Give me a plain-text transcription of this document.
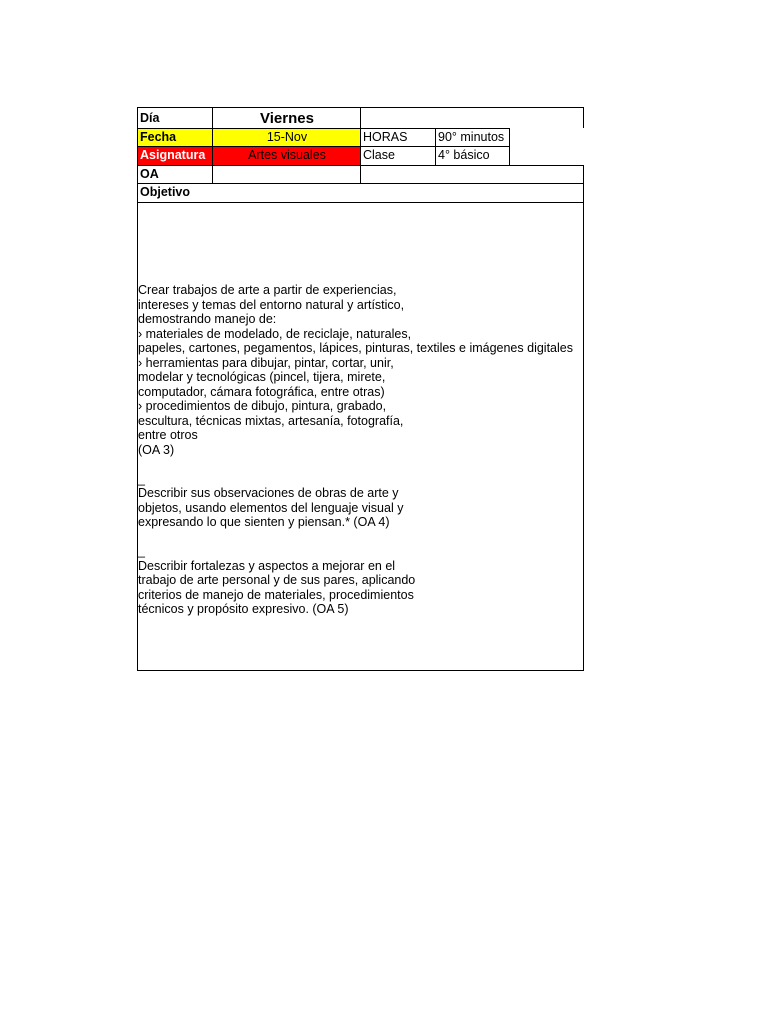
Día	Viernes
Fecha	15-Nov	HORAS	90° minutos
Asignatura	Artes visuales	Clase	4° básico
OA
Objetivo
Crear trabajos de arte a partir de experiencias,
intereses y temas del entorno natural y artístico,
demostrando manejo de:
› materiales de modelado, de reciclaje, naturales,
papeles, cartones, pegamentos, lápices, pinturas, textiles e imágenes digitales
› herramientas para dibujar, pintar, cortar, unir,
modelar y tecnológicas (pincel, tijera, mirete,
computador, cámara fotográfica, entre otras)
› procedimientos de dibujo, pintura, grabado,
escultura, técnicas mixtas, artesanía, fotografía,
entre otros
(OA 3)

_
Describir sus observaciones de obras de arte y
objetos, usando elementos del lenguaje visual y
expresando lo que sienten y piensan.* (OA 4)

_
Describir fortalezas y aspectos a mejorar en el
trabajo de arte personal y de sus pares, aplicando
criterios de manejo de materiales, procedimientos
técnicos y propósito expresivo. (OA 5)
